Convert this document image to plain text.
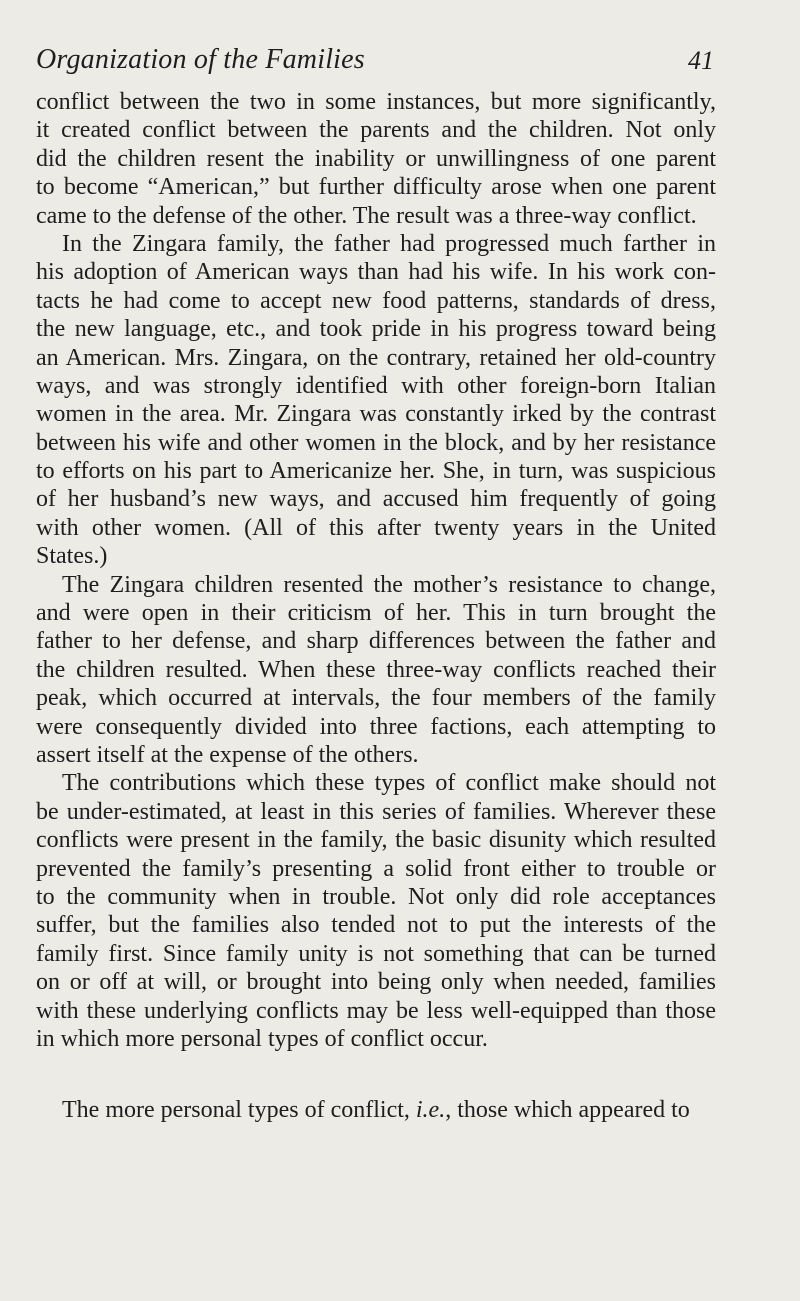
Organization of the Families	41
conflict between the two in some instances, but more significantly,
it created conflict between the parents and the children. Not only
did the children resent the inability or unwillingness of one parent
to become “American,” but further difficulty arose when one parent
came to the defense of the other. The result was a three-way conflict.
In the Zingara family, the father had progressed much farther in
his adoption of American ways than had his wife. In his work con-
tacts he had come to accept new food patterns, standards of dress,
the new language, etc., and took pride in his progress toward being
an American. Mrs. Zingara, on the contrary, retained her old-country
ways, and was strongly identified with other foreign-born Italian
women in the area. Mr. Zingara was constantly irked by the contrast
between his wife and other women in the block, and by her resistance
to efforts on his part to Americanize her. She, in turn, was suspicious
of her husband’s new ways, and accused him frequently of going
with other women. (All of this after twenty years in the United
States.)
The Zingara children resented the mother’s resistance to change,
and were open in their criticism of her. This in turn brought the
father to her defense, and sharp differences between the father and
the children resulted. When these three-way conflicts reached their
peak, which occurred at intervals, the four members of the family
were consequently divided into three factions, each attempting to
assert itself at the expense of the others.
The contributions which these types of conflict make should not
be under-estimated, at least in this series of families. Wherever these
conflicts were present in the family, the basic disunity which resulted
prevented the family’s presenting a solid front either to trouble or
to the community when in trouble. Not only did role acceptances
suffer, but the families also tended not to put the interests of the
family first. Since family unity is not something that can be turned
on or off at will, or brought into being only when needed, families
with these underlying conflicts may be less well-equipped than those
in which more personal types of conflict occur.
The more personal types of conflict, i.e., those which appeared to
